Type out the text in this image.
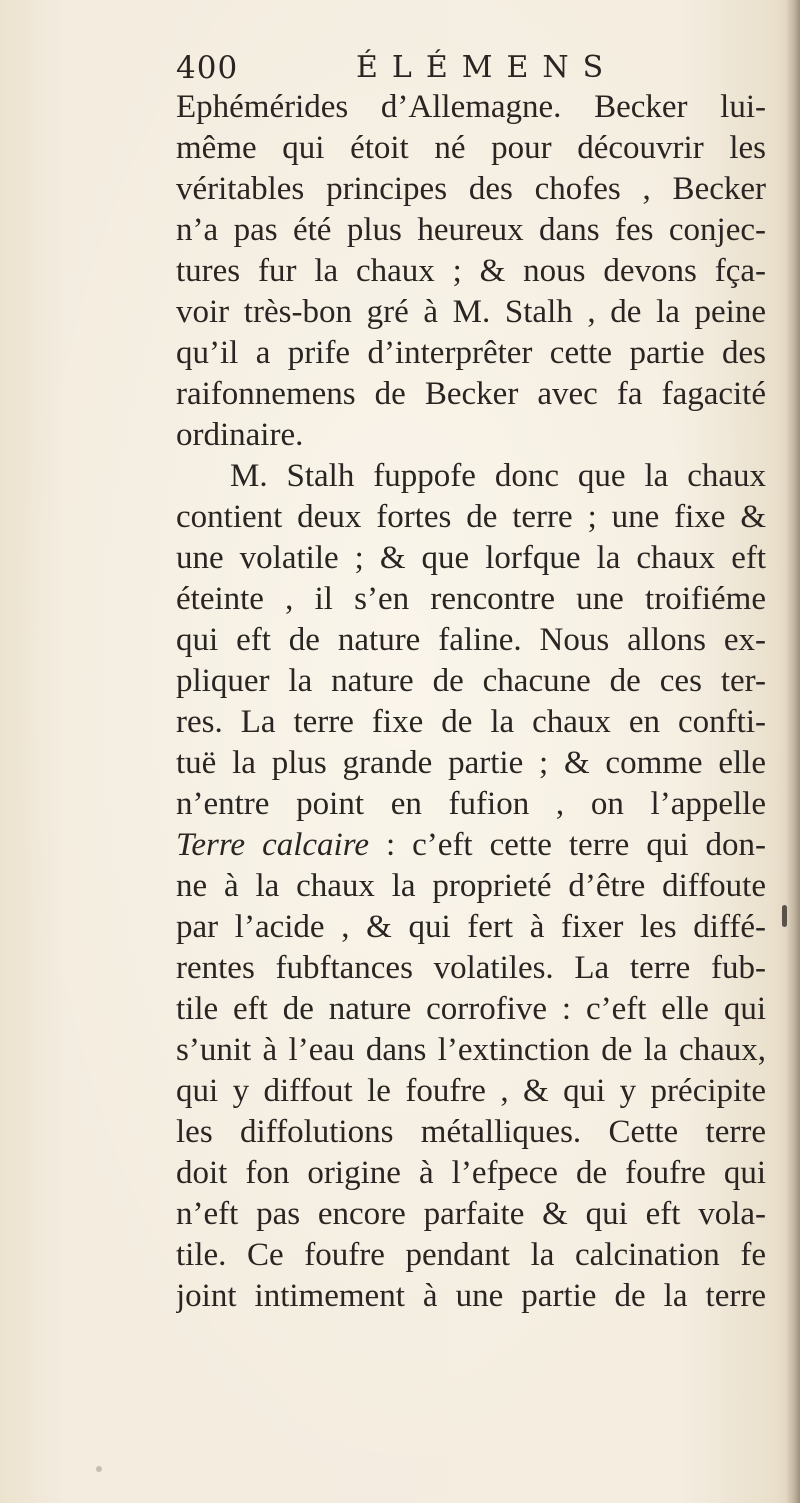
400	ÉLÉMENS
Ephémérides d’Allemagne. Becker lui-
même qui étoit né pour découvrir les
véritables principes des chofes , Becker
n’a pas été plus heureux dans fes conjec-
tures fur la chaux ; & nous devons fça-
voir très-bon gré à M. Stalh , de la peine
qu’il a prife d’interprêter cette partie des
raifonnemens de Becker avec fa fagacité
ordinaire.
M. Stalh fuppofe donc que la chaux
contient deux fortes de terre ; une fixe &
une volatile ; & que lorfque la chaux eft
éteinte , il s’en rencontre une troifiéme
qui eft de nature faline. Nous allons ex-
pliquer la nature de chacune de ces ter-
res. La terre fixe de la chaux en confti-
tuë la plus grande partie ; & comme elle
n’entre point en fufion , on l’appelle
Terre calcaire : c’eft cette terre qui don-
ne à la chaux la proprieté d’être diffoute
par l’acide , & qui fert à fixer les diffé-
rentes fubftances volatiles. La terre fub-
tile eft de nature corrofive : c’eft elle qui
s’unit à l’eau dans l’extinction de la chaux,
qui y diffout le foufre , & qui y précipite
les diffolutions métalliques. Cette terre
doit fon origine à l’efpece de foufre qui
n’eft pas encore parfaite & qui eft vola-
tile. Ce foufre pendant la calcination fe
joint intimement à une partie de la terre
